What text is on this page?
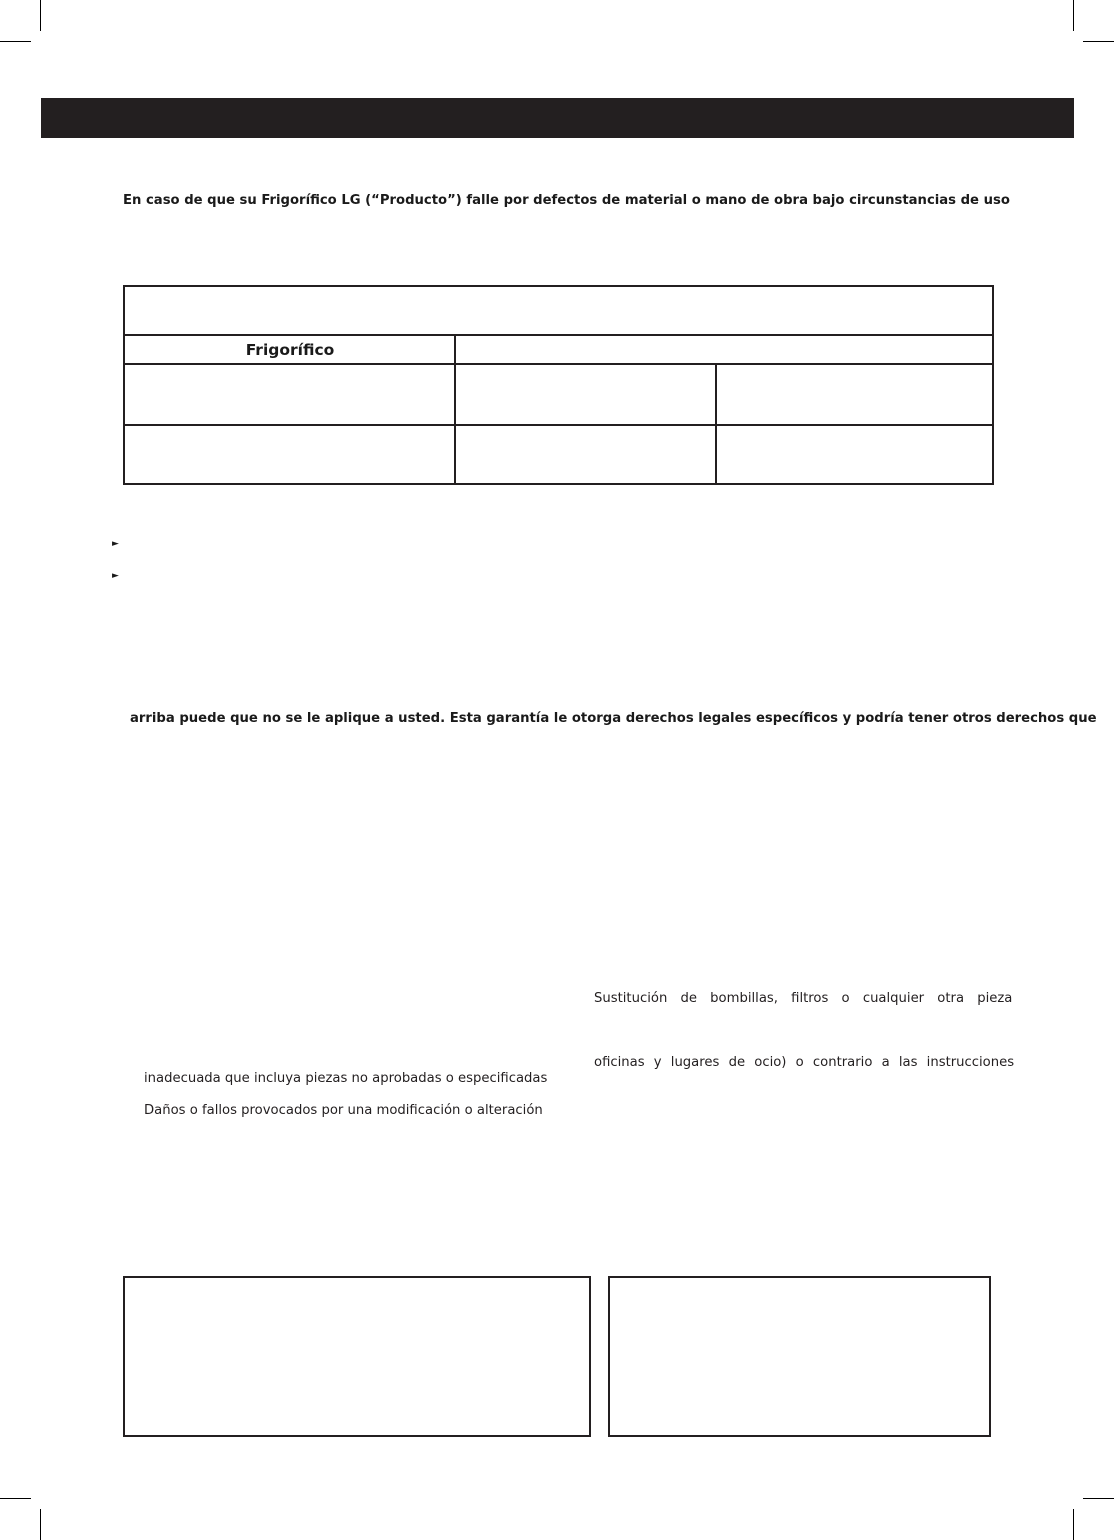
En caso de que su Frigorífico LG (“Producto”) falle por defectos de material o mano de obra bajo circunstancias de uso
Frigorífico
►
►
arriba puede que no se le aplique a usted. Esta garantía le otorga derechos legales específicos y podría tener otros derechos que
Sustitución de bombillas, filtros o cualquier otra pieza
oficinas y lugares de ocio) o contrario a las instrucciones
inadecuada que incluya piezas no aprobadas o especificadas
Daños o fallos provocados por una modificación o alteración
